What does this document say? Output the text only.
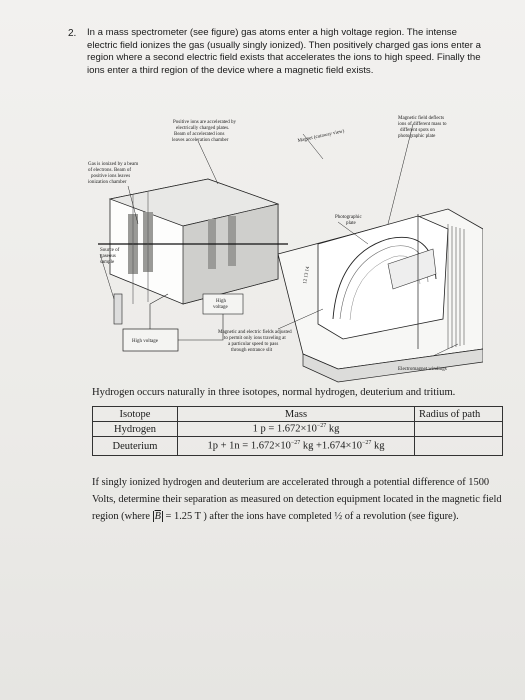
2. In a mass spectrometer (see figure) gas atoms enter a high voltage region. The intense electric field ionizes the gas (usually singly ionized). Then positively charged gas ions enter a region where a second electric field exists that accelerates the ions to high speed. Finally the ions enter a third region of the device where a magnetic field exists.
Positive ions are accelerated by electrically charged plates. Beam of accelerated ions leaves acceleration chamber	Magnet (cutaway view)
Magnetic field deflects ions of different mass to different spots on photographic plate
Gas is ionized by a beam of electrons. Beam of positive ions leaves ionization chamber
Photographic plate
Source of gaseous sample
High voltage
High voltage
Magnetic and electric fields adjusted to permit only ions traveling at a particular speed to pass through entrance slit
Electromagnet windings
12 13 14
Hydrogen occurs naturally in three isotopes, normal hydrogen, deuterium and tritium.
Isotope	Mass	Radius of path
Hydrogen	1 $p = 1.672\times 10^{-27}$ kg	
Deuterium	$1p + 1n = 1.672\times 10^{-27}$ kg $+1.674\times 10^{-27}$ kg	
If singly ionized hydrogen and deuterium are accelerated through a potential difference of 1500 Volts, determine their separation as measured on detection equipment located in the magnetic field region (where $\overline{B} = 1.25$ T ) after the ions have completed ½ of a revolution (see figure).
